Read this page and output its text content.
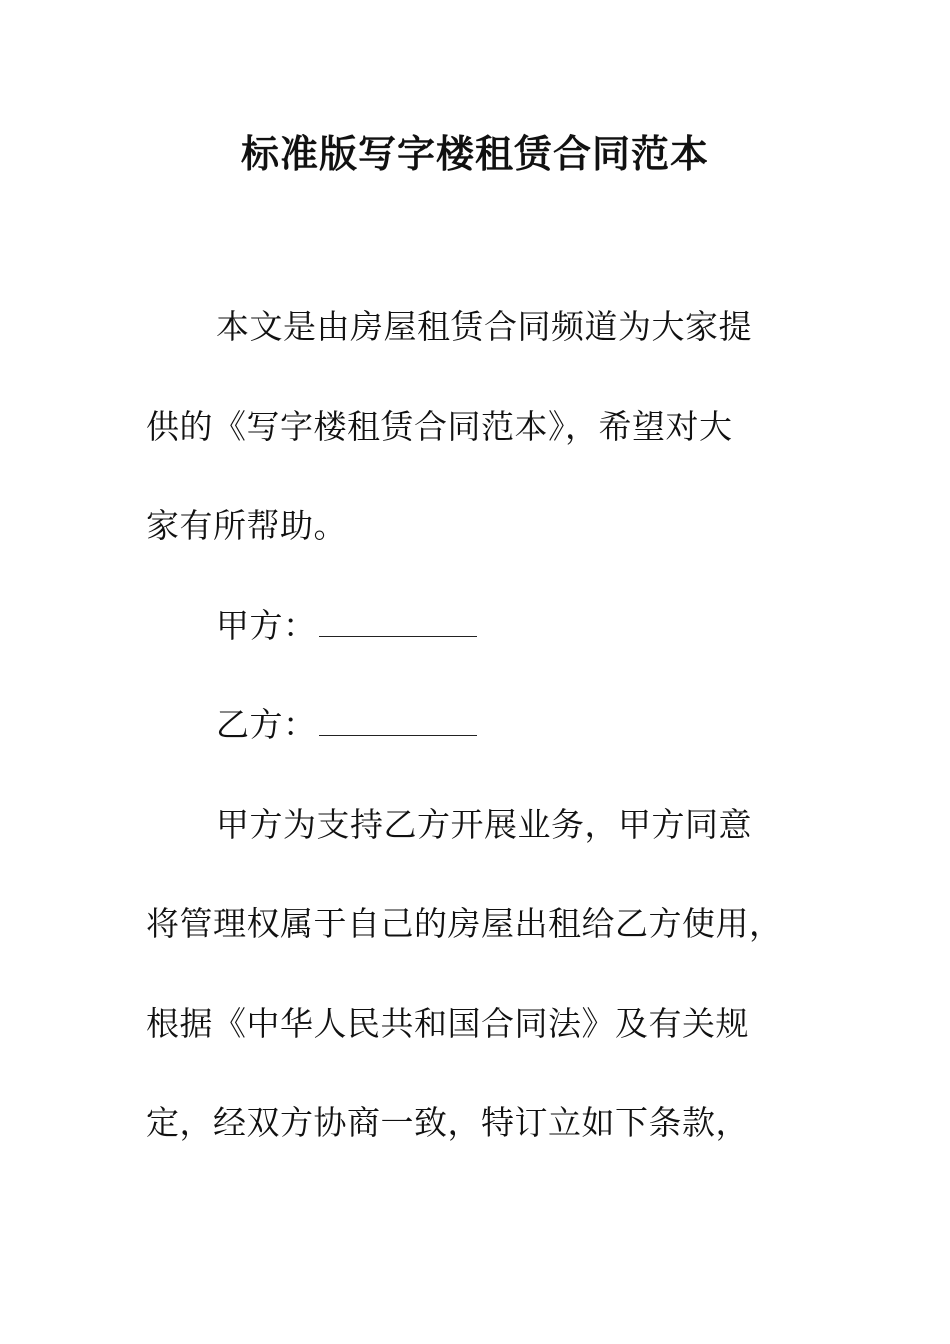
标准版写字楼租赁合同范本
本文是由房屋租赁合同频道为大家提
供的《写字楼租赁合同范本》，希望对大
家有所帮助。
甲方：
乙方：
甲方为支持乙方开展业务，甲方同意
将管理权属于自己的房屋出租给乙方使用，
根据《中华人民共和国合同法》及有关规
定，经双方协商一致，特订立如下条款，
